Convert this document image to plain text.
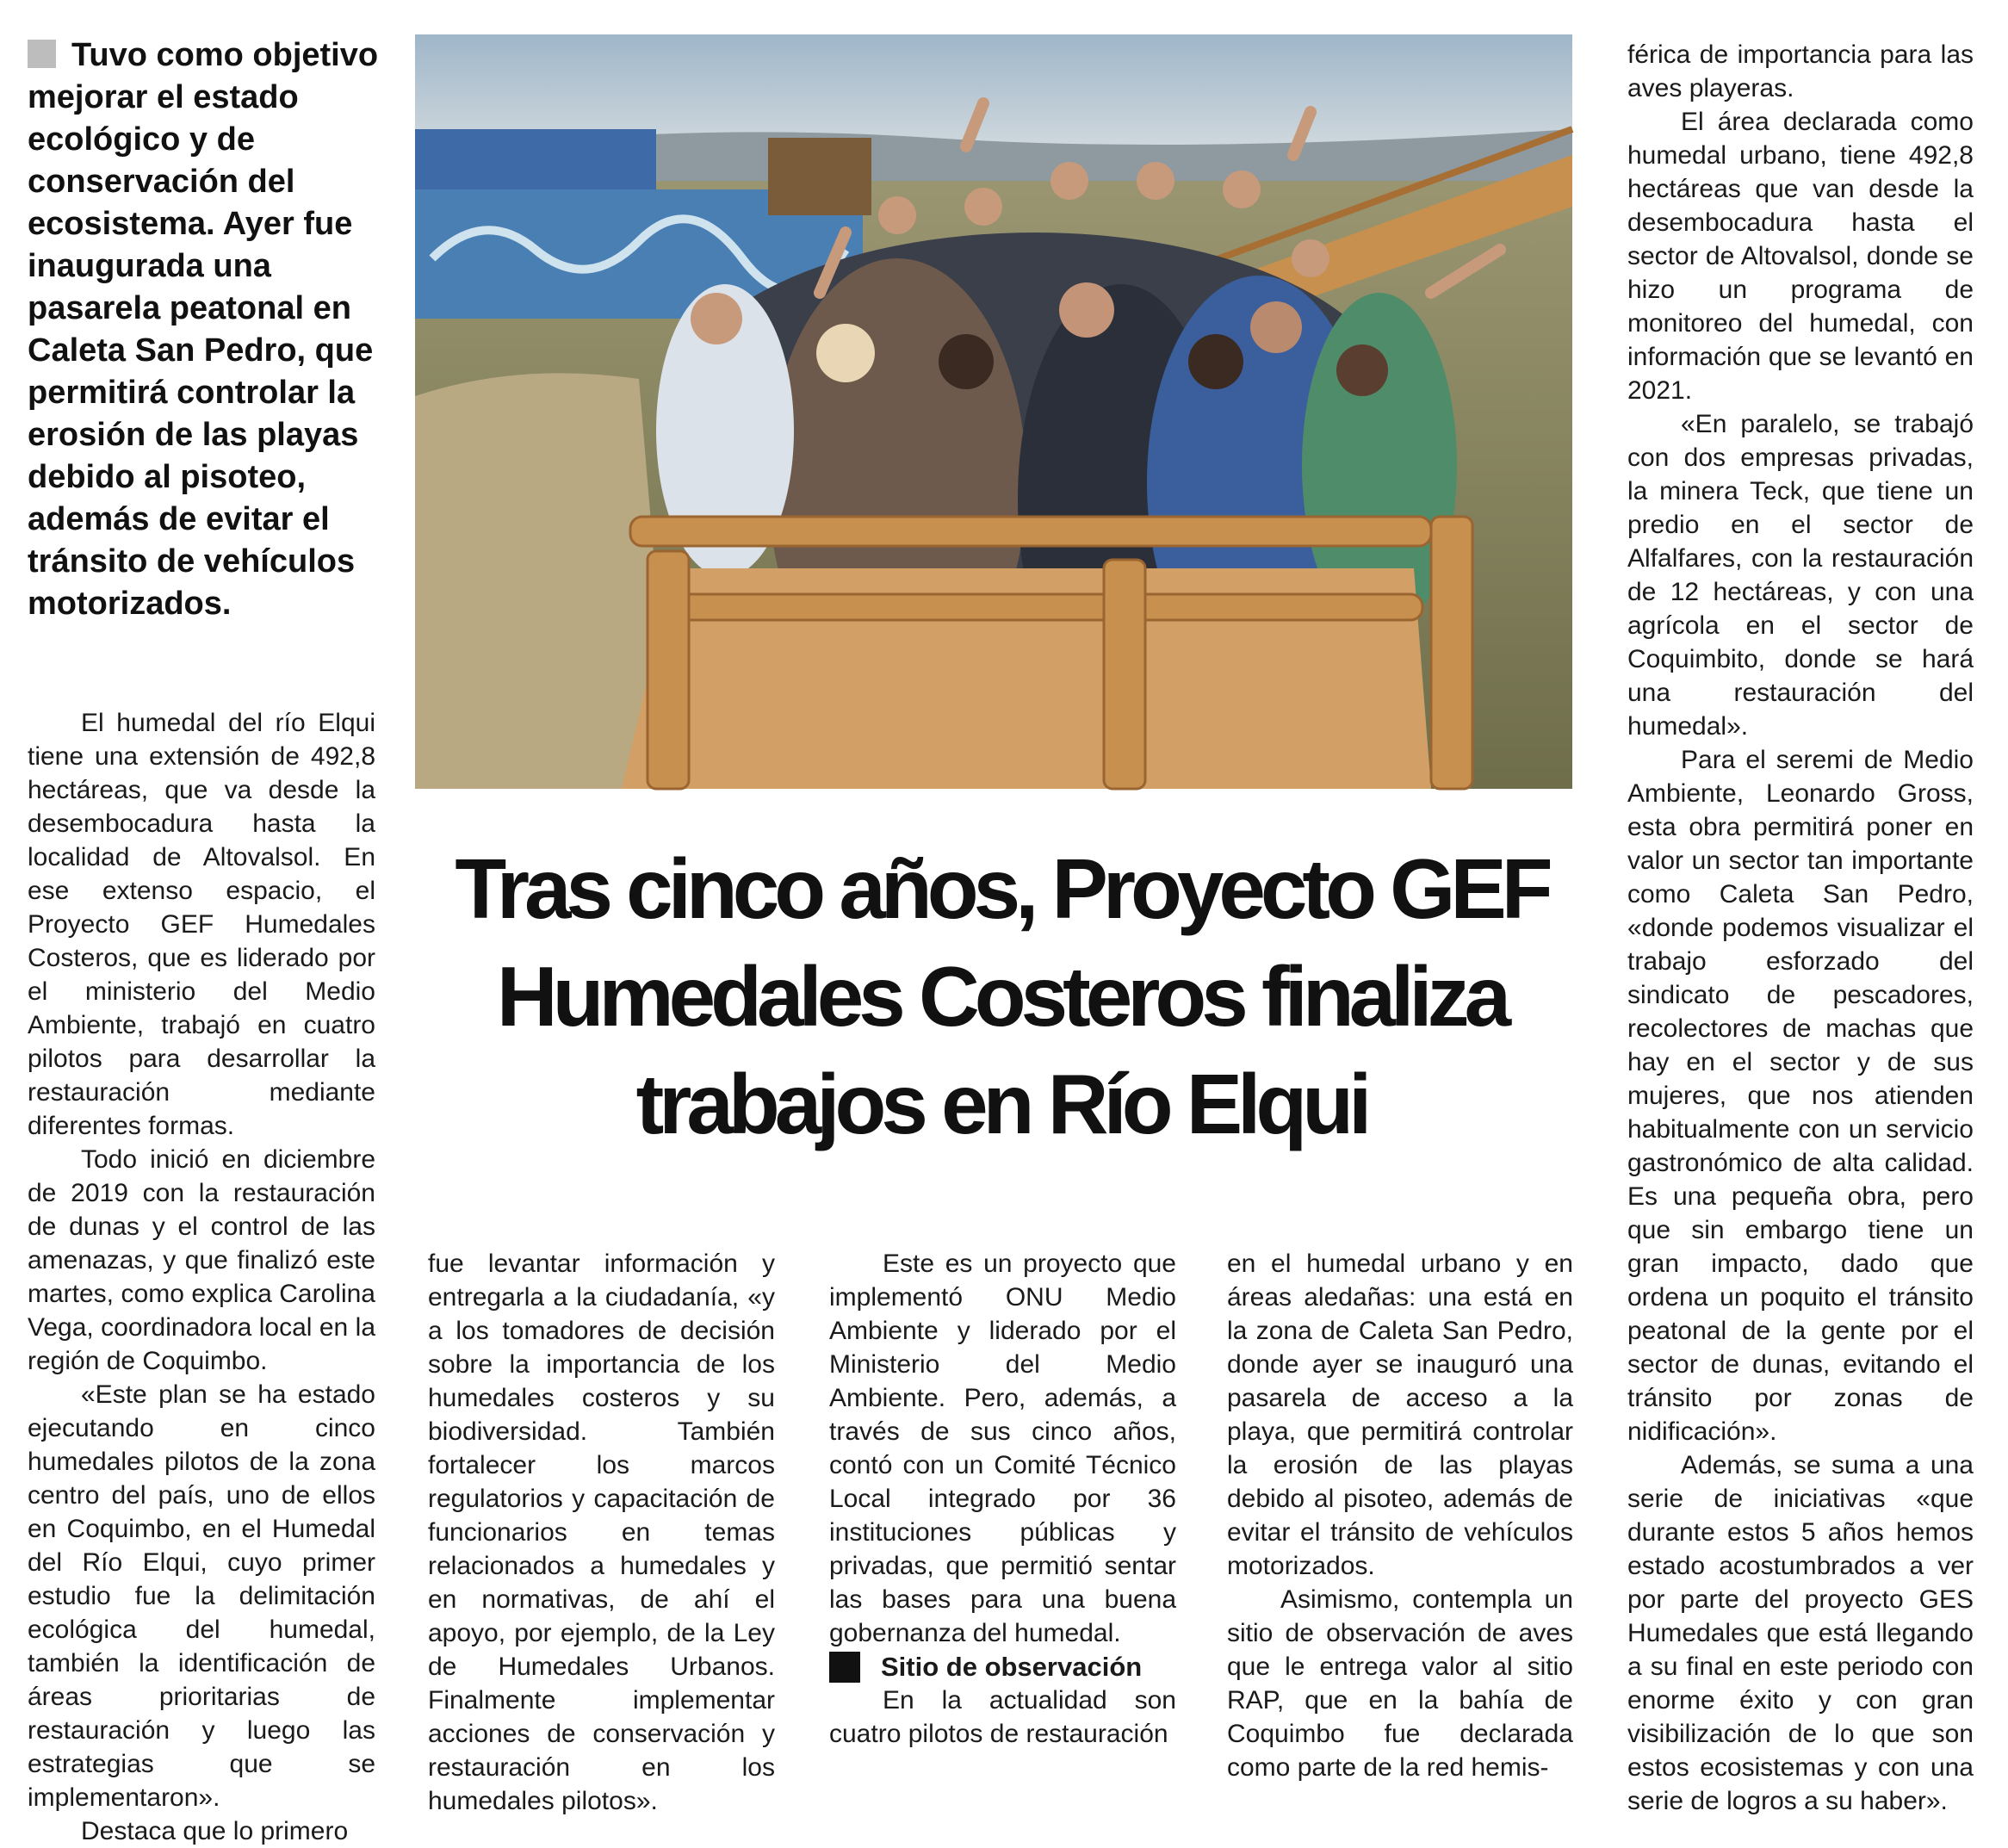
Tuvo como objetivo mejorar el estado ecológico y de conservación del ecosistema. Ayer fue inaugurada una pasarela peatonal en Caleta San Pedro, que permitirá controlar la erosión de las playas debido al pisoteo, además de evitar el tránsito de vehículos motorizados.
Tras cinco años, Proyecto GEF
Humedales Costeros finaliza
trabajos en Río Elqui

El humedal del río Elqui tiene una extensión de 492,8 hectáreas, que va desde la desembocadura hasta la localidad de Altovalsol. En ese extenso espacio, el Proyecto GEF Humedales Costeros, que es liderado por el ministerio del Medio Ambiente, trabajó en cuatro pilotos para desarrollar la restauración mediante diferentes formas.

Todo inició en diciembre de 2019 con la restauración de dunas y el control de las amenazas, y que finalizó este martes, como explica Carolina Vega, coordinadora local en la región de Coquimbo.

«Este plan se ha estado ejecutando en cinco humedales pilotos de la zona centro del país, uno de ellos en Coquimbo, en el Humedal del Río Elqui, cuyo primer estudio fue la delimitación ecológica del humedal, también la identificación de áreas prioritarias de restauración y luego las estrategias que se implementaron».

Destaca que lo primero

fue levantar información y entregarla a la ciudadanía, «y a los tomadores de decisión sobre la importancia de los humedales costeros y su biodiversidad. También fortalecer los marcos regulatorios y capacitación de funcionarios en temas relacionados a humedales y en normativas, de ahí el apoyo, por ejemplo, de la Ley de Humedales Urbanos. Finalmente implementar acciones de conservación y restauración en los humedales pilotos».

Este es un proyecto que implementó ONU Medio Ambiente y liderado por el Ministerio del Medio Ambiente. Pero, además, a través de sus cinco años, contó con un Comité Técnico Local integrado por 36 instituciones públicas y privadas, que permitió sentar las bases para una buena gobernanza del humedal.

Sitio de observación

En la actualidad son cuatro pilotos de restauración

en el humedal urbano y en áreas aledañas: una está en la zona de Caleta San Pedro, donde ayer se inauguró una pasarela de acceso a la playa, que permitirá controlar la erosión de las playas debido al pisoteo, además de evitar el tránsito de vehículos motorizados.

Asimismo, contempla un sitio de observación de aves que le entrega valor al sitio RAP, que en la bahía de Coquimbo fue declarada como parte de la red hemis-

férica de importancia para las aves playeras.

El área declarada como humedal urbano, tiene 492,8 hectáreas que van desde la desembocadura hasta el sector de Altovalsol, donde se hizo un programa de monitoreo del humedal, con información que se levantó en 2021.

«En paralelo, se trabajó con dos empresas privadas, la minera Teck, que tiene un predio en el sector de Alfalfares, con la restauración de 12 hectáreas, y con una agrícola en el sector de Coquimbito, donde se hará una restauración del humedal».

Para el seremi de Medio Ambiente, Leonardo Gross, esta obra permitirá poner en valor un sector tan importante como Caleta San Pedro, «donde podemos visualizar el trabajo esforzado del sindicato de pescadores, recolectores de machas que hay en el sector y de sus mujeres, que nos atienden habitualmente con un servicio gastronómico de alta calidad. Es una pequeña obra, pero que sin embargo tiene un gran impacto, dado que ordena un poquito el tránsito peatonal de la gente por el sector de dunas, evitando el tránsito por zonas de nidificación».

Además, se suma a una serie de iniciativas «que durante estos 5 años hemos estado acostumbrados a ver por parte del proyecto GES Humedales que está llegando a su final en este periodo con enorme éxito y con gran visibilización de lo que son estos ecosistemas y con una serie de logros a su haber».
